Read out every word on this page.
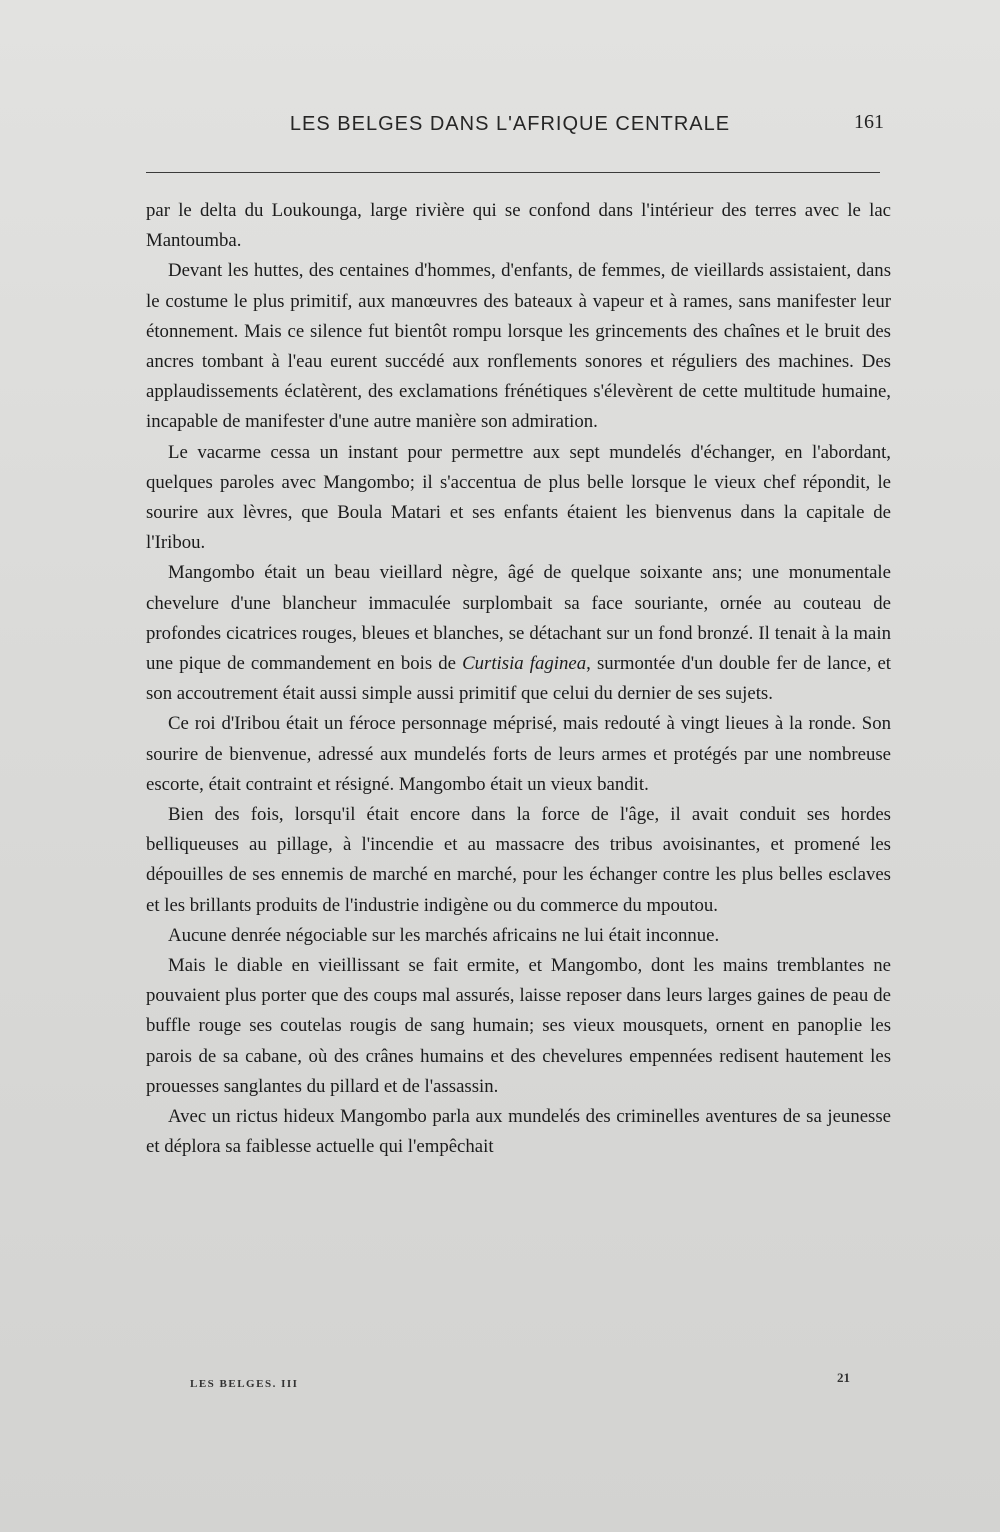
LES BELGES DANS L'AFRIQUE CENTRALE	161

par le delta du Loukounga, large rivière qui se confond dans l'intérieur des terres avec le lac Mantoumba.

Devant les huttes, des centaines d'hommes, d'enfants, de femmes, de vieillards assistaient, dans le costume le plus primitif, aux manœuvres des bateaux à vapeur et à rames, sans manifester leur étonnement. Mais ce silence fut bientôt rompu lorsque les grincements des chaînes et le bruit des ancres tombant à l'eau eurent succédé aux ronflements sonores et réguliers des machines. Des applaudissements éclatèrent, des exclamations frénétiques s'élevèrent de cette multitude humaine, incapable de manifester d'une autre manière son admiration.

Le vacarme cessa un instant pour permettre aux sept mundelés d'échanger, en l'abordant, quelques paroles avec Mangombo; il s'accentua de plus belle lorsque le vieux chef répondit, le sourire aux lèvres, que Boula Matari et ses enfants étaient les bienvenus dans la capitale de l'Iribou.

Mangombo était un beau vieillard nègre, âgé de quelque soixante ans; une monumentale chevelure d'une blancheur immaculée surplombait sa face souriante, ornée au couteau de profondes cicatrices rouges, bleues et blanches, se détachant sur un fond bronzé. Il tenait à la main une pique de commandement en bois de Curtisia faginea, surmontée d'un double fer de lance, et son accoutrement était aussi simple aussi primitif que celui du dernier de ses sujets.

Ce roi d'Iribou était un féroce personnage méprisé, mais redouté à vingt lieues à la ronde. Son sourire de bienvenue, adressé aux mundelés forts de leurs armes et protégés par une nombreuse escorte, était contraint et résigné. Mangombo était un vieux bandit.

Bien des fois, lorsqu'il était encore dans la force de l'âge, il avait conduit ses hordes belliqueuses au pillage, à l'incendie et au massacre des tribus avoisinantes, et promené les dépouilles de ses ennemis de marché en marché, pour les échanger contre les plus belles esclaves et les brillants produits de l'industrie indigène ou du commerce du mpoutou.

Aucune denrée négociable sur les marchés africains ne lui était inconnue.

Mais le diable en vieillissant se fait ermite, et Mangombo, dont les mains tremblantes ne pouvaient plus porter que des coups mal assurés, laisse reposer dans leurs larges gaines de peau de buffle rouge ses coutelas rougis de sang humain; ses vieux mousquets, ornent en panoplie les parois de sa cabane, où des crânes humains et des chevelures empennées redisent hautement les prouesses sanglantes du pillard et de l'assassin.

Avec un rictus hideux Mangombo parla aux mundelés des criminelles aventures de sa jeunesse et déplora sa faiblesse actuelle qui l'empêchait

LES BELGES. III	21
